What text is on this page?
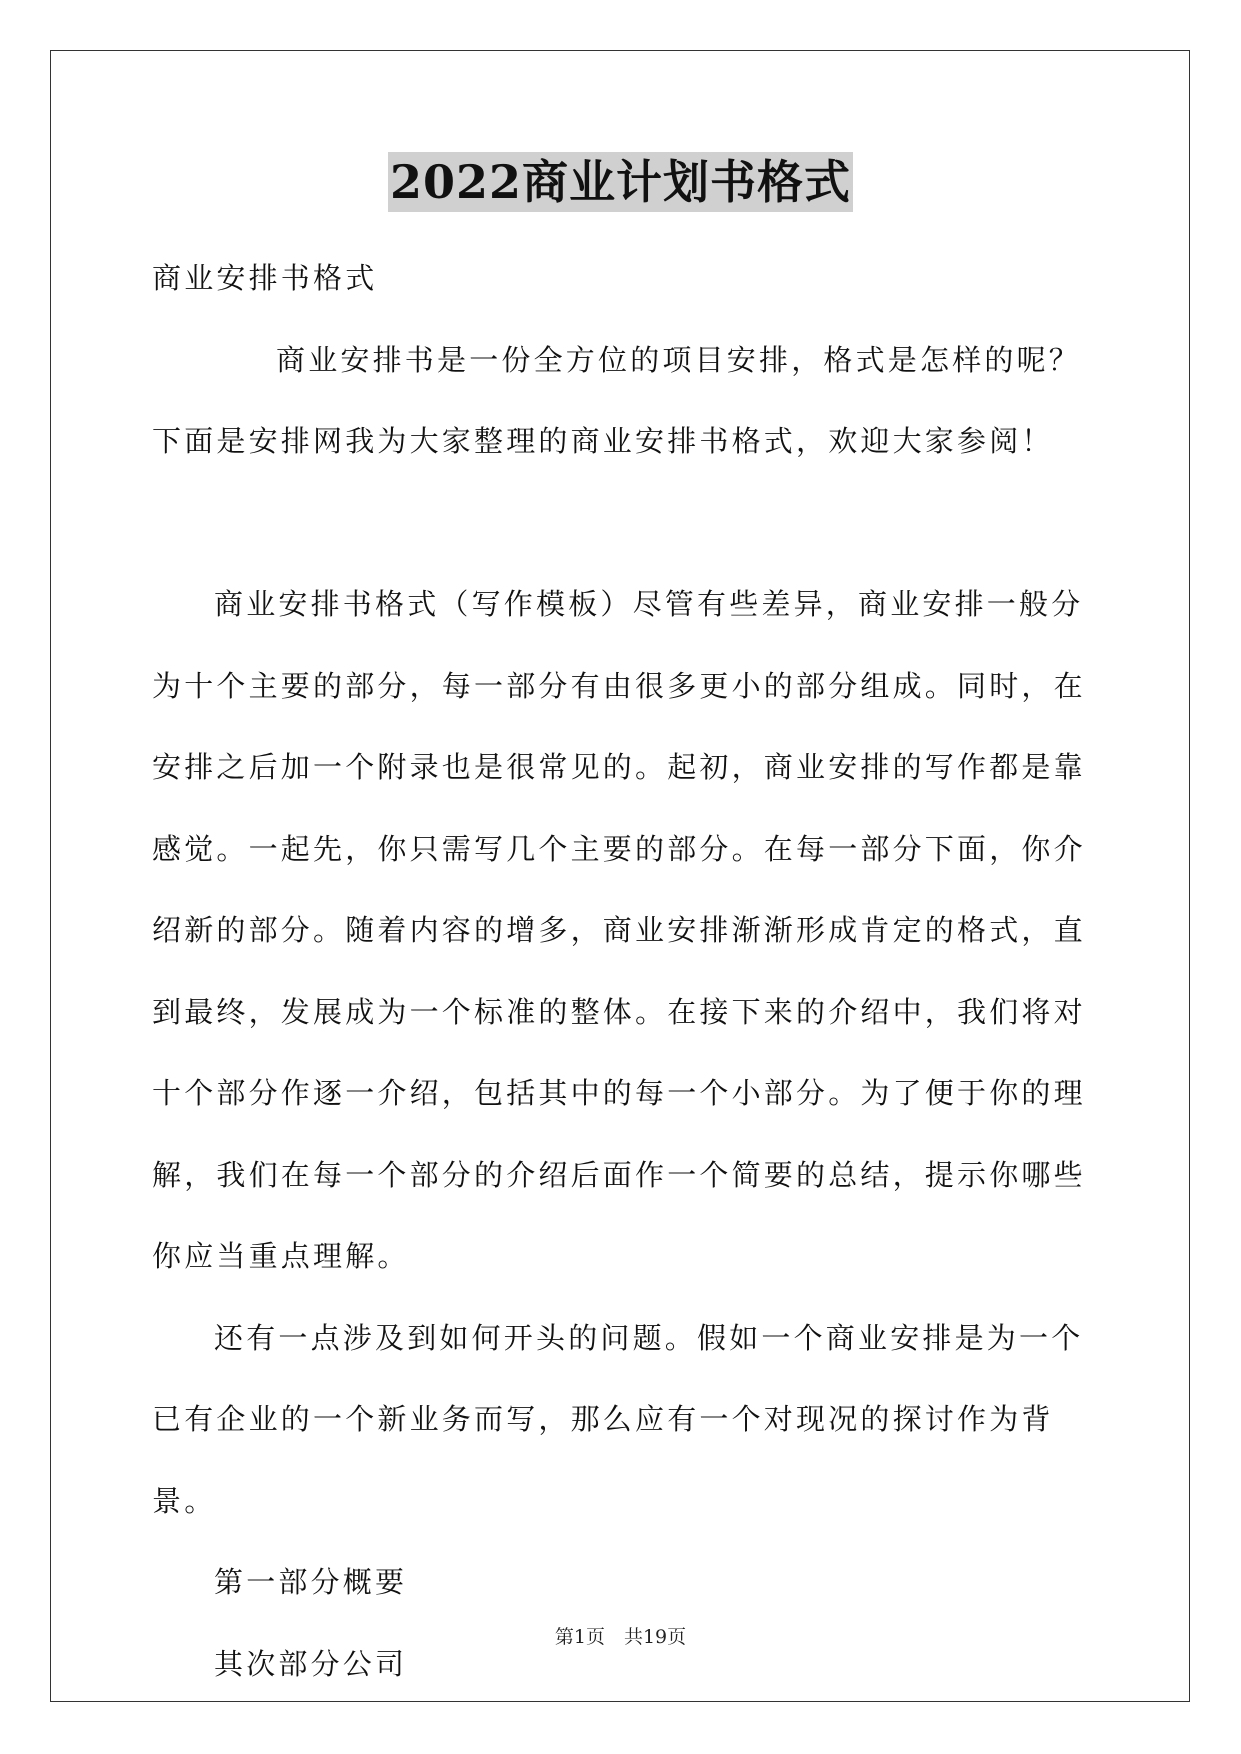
2022商业计划书格式

商业安排书格式

商业安排书是一份全方位的项目安排，格式是怎样的呢？下面是安排网我为大家整理的商业安排书格式，欢迎大家参阅！

商业安排书格式（写作模板）尽管有些差异，商业安排一般分为十个主要的部分，每一部分有由很多更小的部分组成。同时，在安排之后加一个附录也是很常见的。起初，商业安排的写作都是靠感觉。一起先，你只需写几个主要的部分。在每一部分下面，你介绍新的部分。随着内容的增多，商业安排渐渐形成肯定的格式，直到最终，发展成为一个标准的整体。在接下来的介绍中，我们将对十个部分作逐一介绍，包括其中的每一个小部分。为了便于你的理解，我们在每一个部分的介绍后面作一个简要的总结，提示你哪些你应当重点理解。

还有一点涉及到如何开头的问题。假如一个商业安排是为一个已有企业的一个新业务而写，那么应有一个对现况的探讨作为背景。

第一部分概要

其次部分公司

第1页　共19页
